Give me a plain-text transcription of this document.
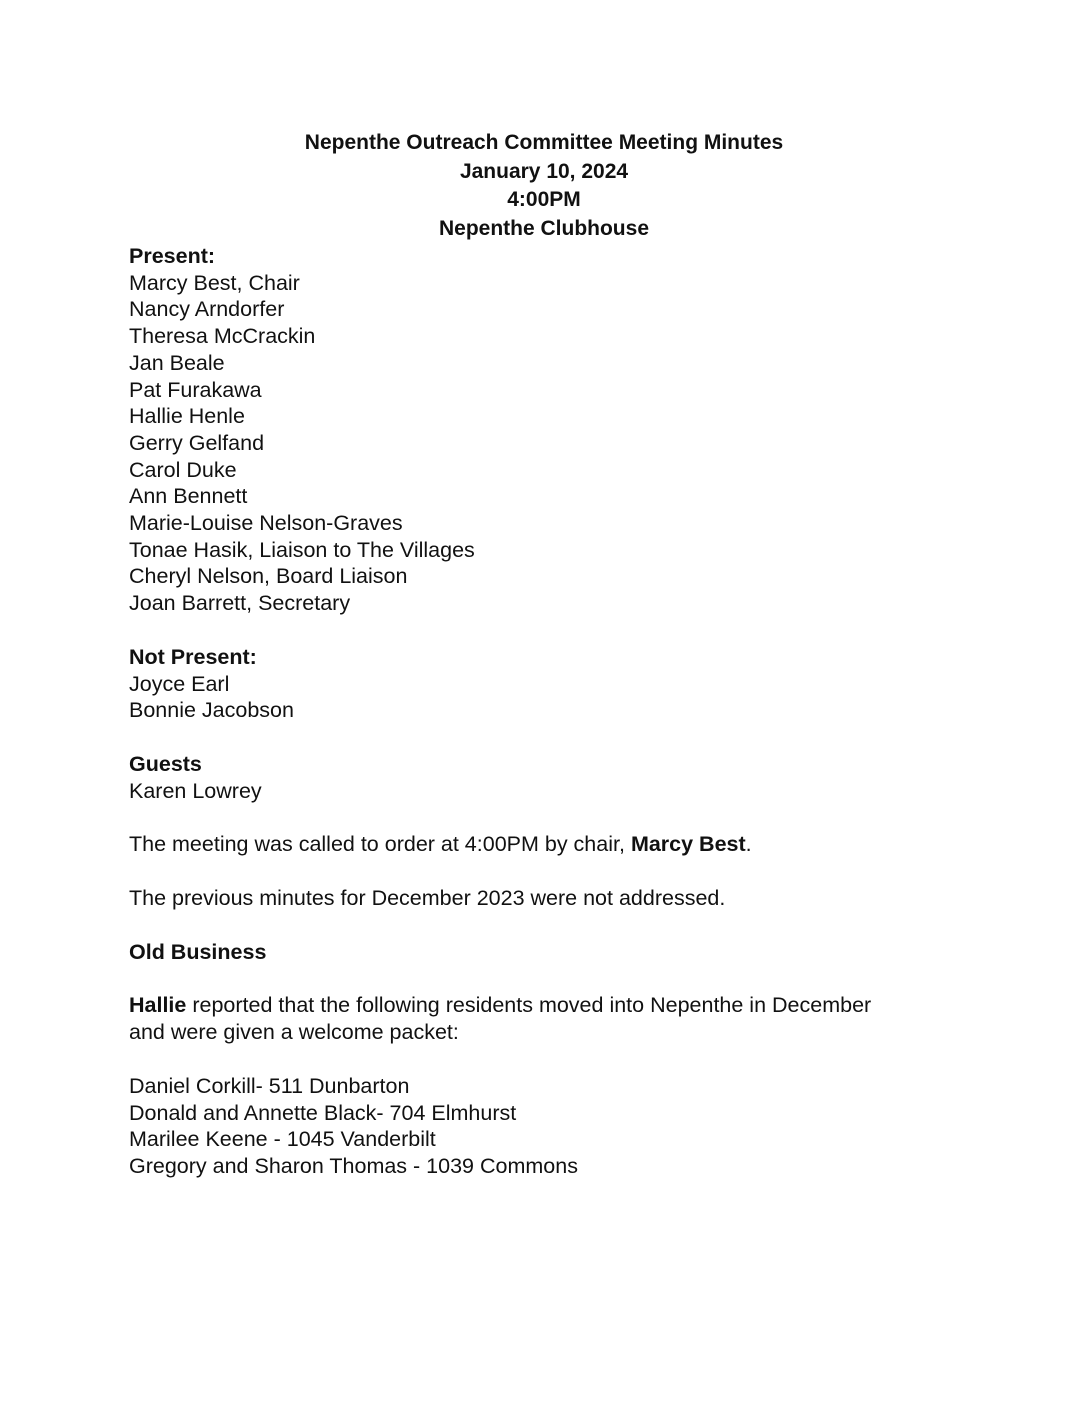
Nepenthe Outreach Committee Meeting Minutes
January 10, 2024
4:00PM
Nepenthe Clubhouse
Present:
Marcy Best, Chair
Nancy Arndorfer
Theresa McCrackin
Jan Beale
Pat Furakawa
Hallie Henle
Gerry Gelfand
Carol Duke
Ann Bennett
Marie-Louise Nelson-Graves
Tonae Hasik, Liaison to The Villages
Cheryl Nelson, Board Liaison
Joan Barrett, Secretary
Not Present:
Joyce Earl
Bonnie Jacobson
Guests
Karen Lowrey
The meeting was called to order at 4:00PM by chair, Marcy Best.
The previous minutes for December 2023 were not addressed.
Old Business
Hallie reported that the following residents moved into Nepenthe in December
and were given a welcome packet:
Daniel Corkill- 511 Dunbarton
Donald and Annette Black- 704 Elmhurst
Marilee Keene - 1045 Vanderbilt
Gregory and Sharon Thomas - 1039 Commons
